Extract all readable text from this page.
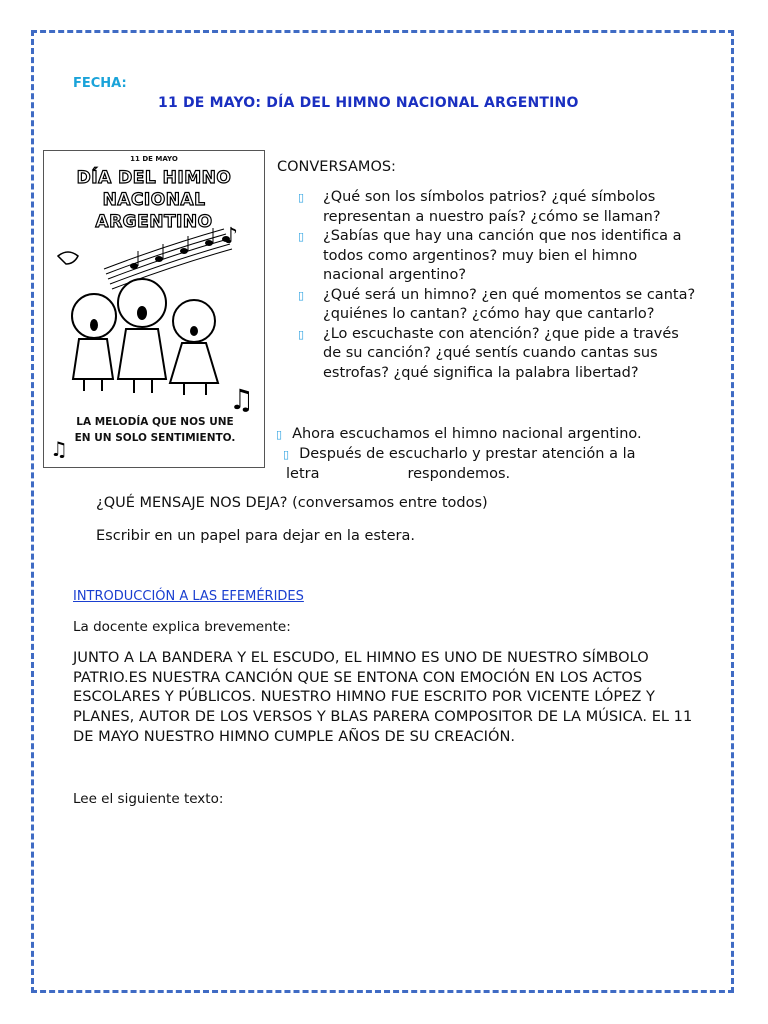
FECHA:
11 DE MAYO: DÍA DEL HIMNO NACIONAL ARGENTINO
11 DE MAYO
DÍA DEL HIMNO
NACIONAL ARGENTINO
♪
♫
♫
LA MELODÍA QUE NOS UNE
EN UN SOLO SENTIMIENTO.
CONVERSAMOS:
▯ ¿Qué son los símbolos patrios? ¿qué símbolos representan a nuestro país? ¿cómo se llaman?
▯ ¿Sabías que hay una canción que nos identifica a todos como argentinos? muy bien el himno nacional argentino?
▯ ¿Qué será un himno? ¿en qué momentos se canta? ¿quiénes lo cantan? ¿cómo hay que cantarlo?
▯ ¿Lo escuchaste con atención? ¿que pide a través de su canción? ¿qué sentís cuando cantas sus estrofas? ¿qué significa la palabra libertad?
▯ Ahora escuchamos el himno nacional argentino.
▯ Después de escucharlo y prestar atención a la
letra	respondemos.
¿QUÉ MENSAJE NOS DEJA? (conversamos entre todos)
Escribir en un papel para dejar en la estera.
INTRODUCCIÓN A LAS EFEMÉRIDES
La docente explica brevemente:
JUNTO A LA BANDERA Y EL ESCUDO, EL HIMNO ES UNO DE NUESTRO SÍMBOLO PATRIO.ES NUESTRA CANCIÓN QUE SE ENTONA CON EMOCIÓN EN LOS ACTOS ESCOLARES Y PÚBLICOS. NUESTRO HIMNO FUE ESCRITO POR VICENTE LÓPEZ Y PLANES, AUTOR DE LOS VERSOS Y BLAS PARERA COMPOSITOR DE LA MÚSICA. EL 11 DE MAYO NUESTRO HIMNO CUMPLE AÑOS DE SU CREACIÓN.
Lee el siguiente texto:
